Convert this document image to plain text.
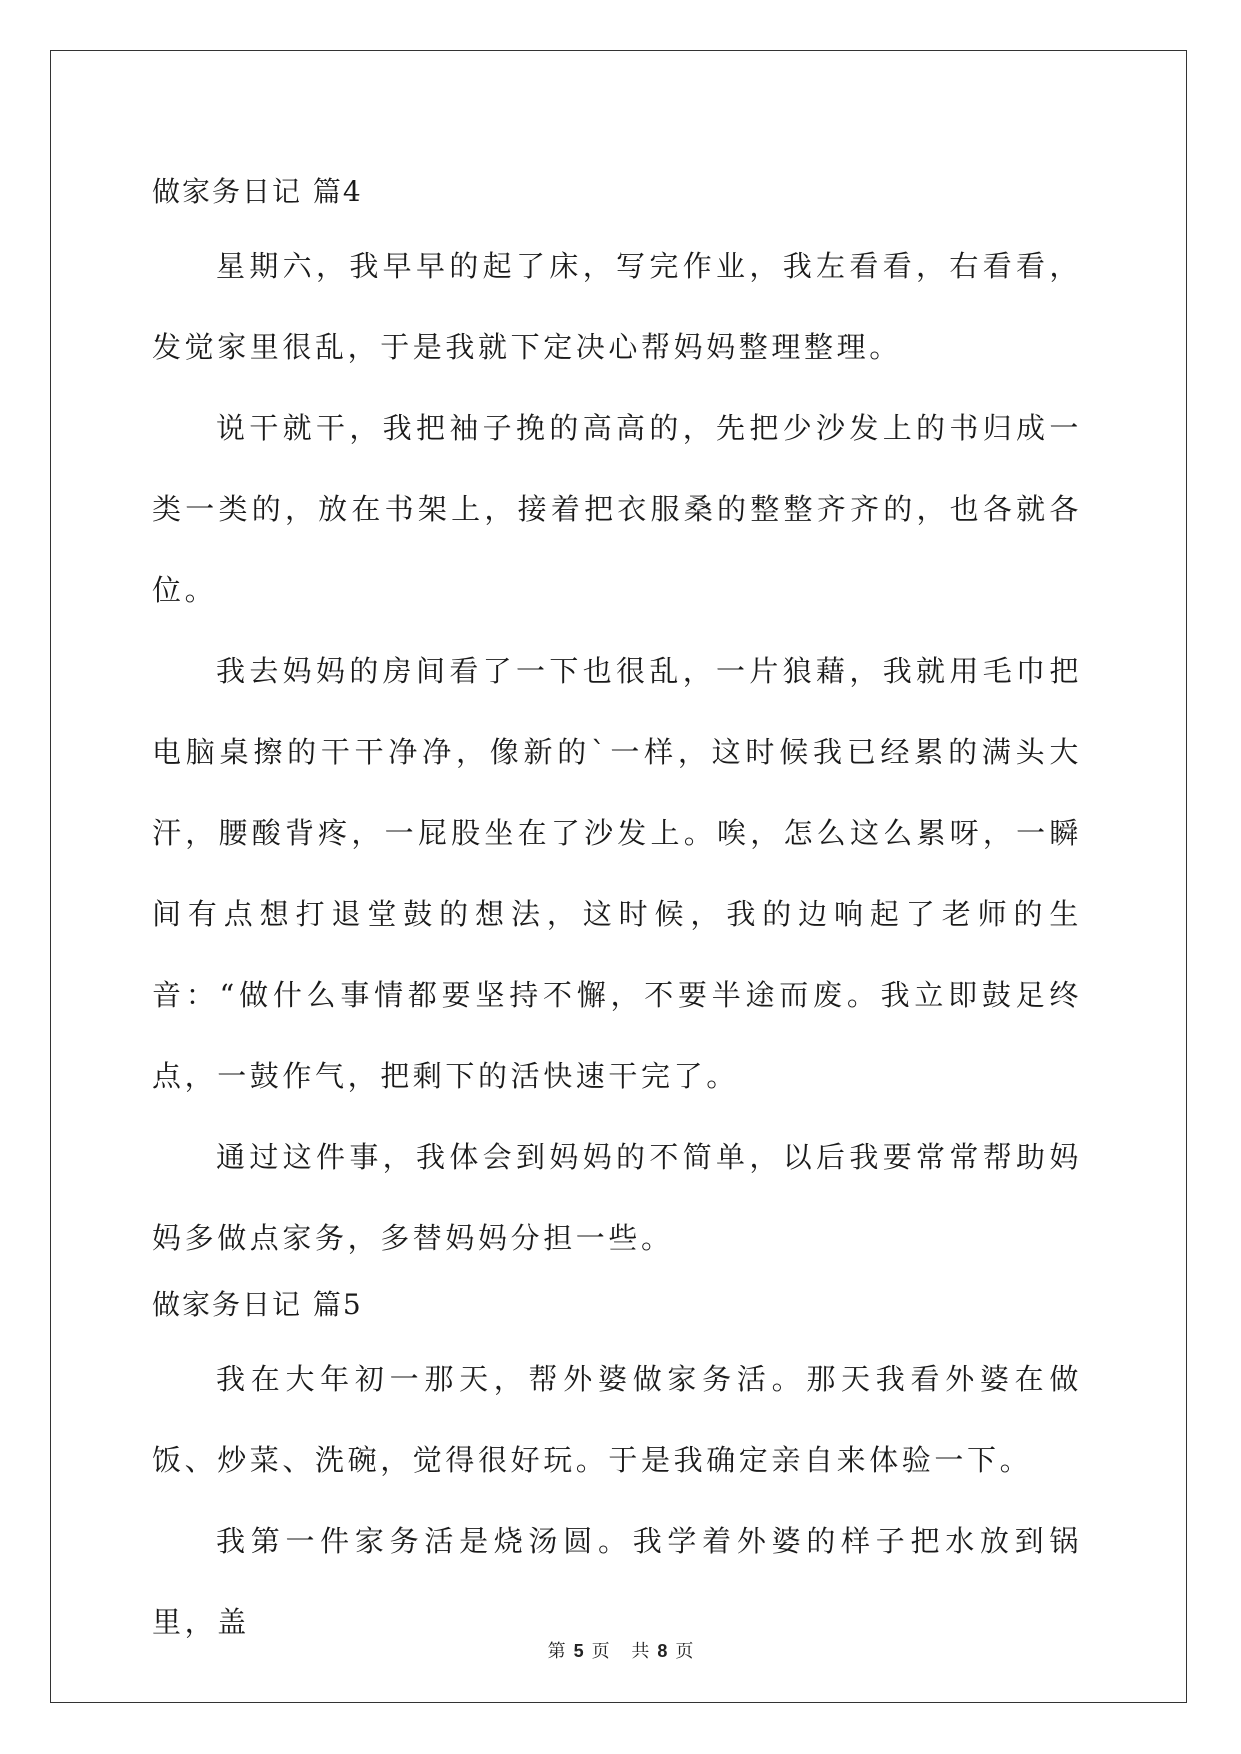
做家务日记 篇4

星期六，我早早的起了床，写完作业，我左看看，右看看，发觉家里很乱，于是我就下定决心帮妈妈整理整理。

说干就干，我把袖子挽的高高的，先把少沙发上的书归成一类一类的，放在书架上，接着把衣服桑的整整齐齐的，也各就各位。

我去妈妈的房间看了一下也很乱，一片狼藉，我就用毛巾把电脑桌擦的干干净净，像新的`一样，这时候我已经累的满头大汗，腰酸背疼，一屁股坐在了沙发上。唉，怎么这么累呀，一瞬间有点想打退堂鼓的想法，这时候，我的边响起了老师的生音：“做什么事情都要坚持不懈，不要半途而废。我立即鼓足终点，一鼓作气，把剩下的活快速干完了。

通过这件事，我体会到妈妈的不简单，以后我要常常帮助妈妈多做点家务，多替妈妈分担一些。

做家务日记 篇5

我在大年初一那天，帮外婆做家务活。那天我看外婆在做饭、炒菜、洗碗，觉得很好玩。于是我确定亲自来体验一下。

我第一件家务活是烧汤圆。我学着外婆的样子把水放到锅里，盖

第 5 页 共 8 页
